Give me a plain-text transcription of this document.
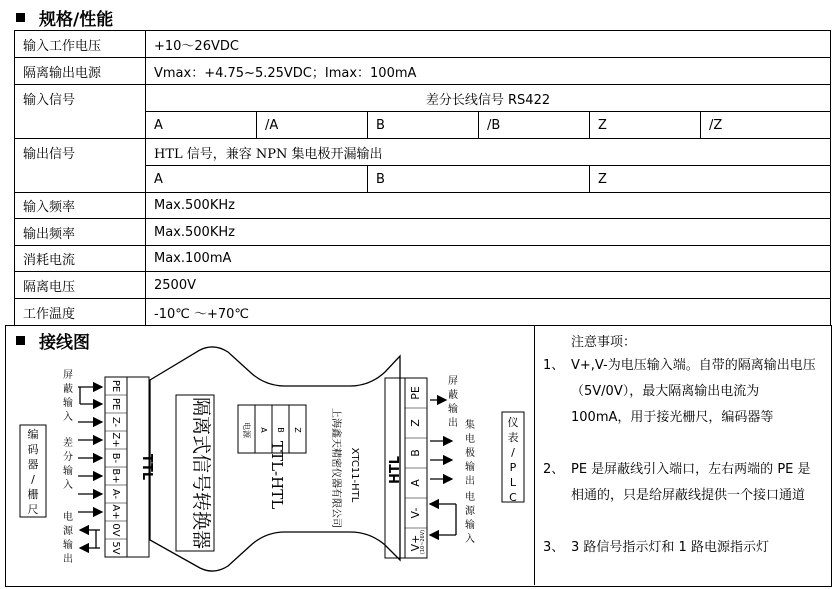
规格/性能
输入工作电压	+10～26VDC					
隔离输出电源	Vmax：+4.75~5.25VDC；Imax：100mA					
输入信号	差分长线信号 RS422					
	A	/A	B	/B	Z	/Z
输出信号	HTL 信号，兼容 NPN 集电极开漏输出					
	A		B		Z	
输入频率	Max.500KHz					
输出频率	Max.500KHz					
消耗电流	Max.100mA					
隔离电压	2500V					
工作温度	-10℃ ～+70℃					
接线图
编码器/栅尺
屏蔽输入
差分输入
电源输出
PE
PE
Z-
Z+
B-
B+
A-
A+
0V
5V
TTL 隔离式信号转换器	TTL-HTL
电源 A B Z	上海鑫天精密仪器有限公司 XTC11-HTL HTL
PE
Z
B
A
V-
V+
(10~26V)
屏蔽输出 集电极输出
电源输入
仪表/ P L C
注意事项：
1、 V+,V-为电压输入端。自带的隔离输出电压（5V/0V），最大隔离输出电流为 100mA，用于接光栅尺，编码器等
2、 PE 是屏蔽线引入端口，左右两端的 PE 是相通的，只是给屏蔽线提供一个接口通道
3、 3 路信号指示灯和 1 路电源指示灯
